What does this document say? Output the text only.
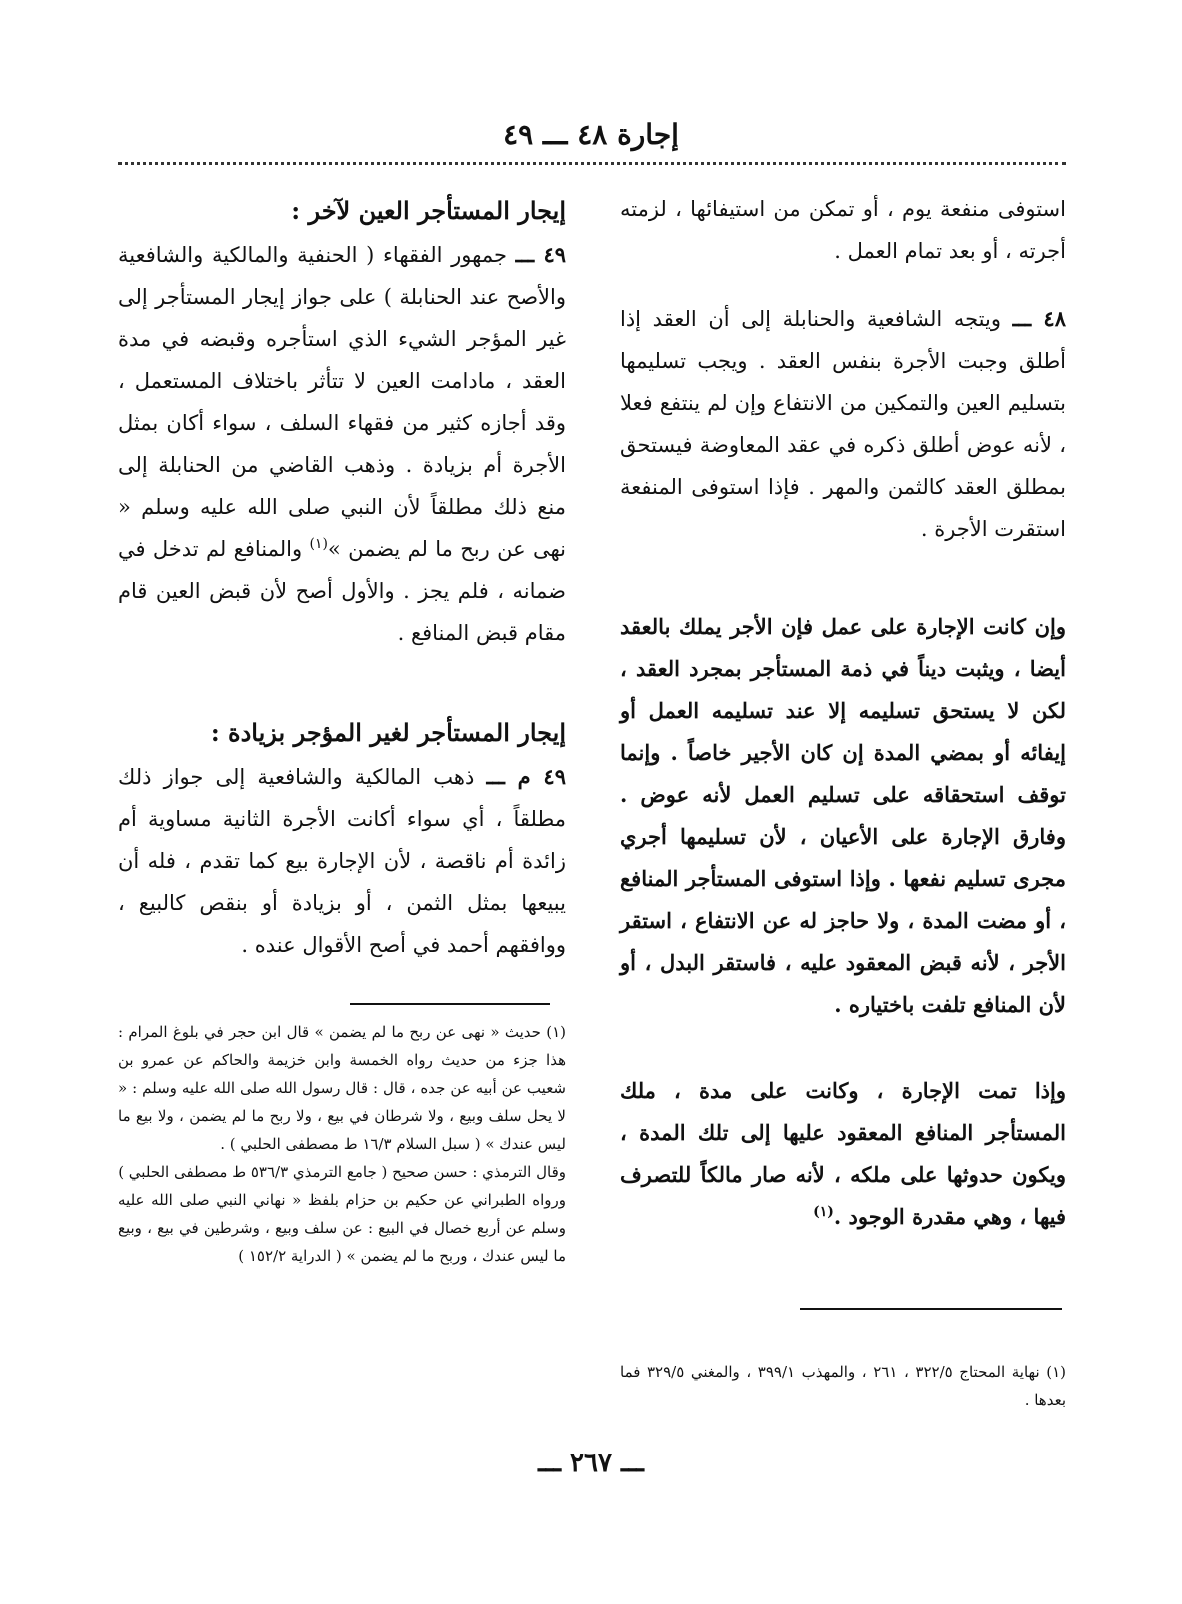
إجارة ٤٨ ـــ ٤٩

استوفى منفعة يوم ، أو تمكن من استيفائها ، لزمته أجرته ، أو بعد تمام العمل .

٤٨ ـــ ويتجه الشافعية والحنابلة إلى أن العقد إذا أطلق وجبت الأجرة بنفس العقد . ويجب تسليمها بتسليم العين والتمكين من الانتفاع وإن لم ينتفع فعلا ، لأنه عوض أطلق ذكره في عقد المعاوضة فيستحق بمطلق العقد كالثمن والمهر . فإذا استوفى المنفعة استقرت الأجرة .

وإن كانت الإجارة على عمل فإن الأجر يملك بالعقد أيضا ، ويثبت ديناً في ذمة المستأجر بمجرد العقد ، لكن لا يستحق تسليمه إلا عند تسليمه العمل أو إيفائه أو بمضي المدة إن كان الأجير خاصاً . وإنما توقف استحقاقه على تسليم العمل لأنه عوض . وفارق الإجارة على الأعيان ، لأن تسليمها أجري مجرى تسليم نفعها . وإذا استوفى المستأجر المنافع ، أو مضت المدة ، ولا حاجز له عن الانتفاع ، استقر الأجر ، لأنه قبض المعقود عليه ، فاستقر البدل ، أو لأن المنافع تلفت باختياره .

وإذا تمت الإجارة ، وكانت على مدة ، ملك المستأجر المنافع المعقود عليها إلى تلك المدة ، ويكون حدوثها على ملكه ، لأنه صار مالكاً للتصرف فيها ، وهي مقدرة الوجود .$^{(١)}$

إيجار المستأجر العين لآخر :

٤٩ ـــ جمهور الفقهاء ( الحنفية والمالكية والشافعية والأصح عند الحنابلة ) على جواز إيجار المستأجر إلى غير المؤجر الشيء الذي استأجره وقبضه في مدة العقد ، مادامت العين لا تتأثر باختلاف المستعمل ، وقد أجازه كثير من فقهاء السلف ، سواء أكان بمثل الأجرة أم بزيادة . وذهب القاضي من الحنابلة إلى منع ذلك مطلقاً لأن النبي صلى الله عليه وسلم « نهى عن ربح ما لم يضمن »$^{(١)}$ والمنافع لم تدخل في ضمانه ، فلم يجز . والأول أصح لأن قبض العين قام مقام قبض المنافع .

إيجار المستأجر لغير المؤجر بزيادة :

٤٩ م ـــ ذهب المالكية والشافعية إلى جواز ذلك مطلقاً ، أي سواء أكانت الأجرة الثانية مساوية أم زائدة أم ناقصة ، لأن الإجارة بيع كما تقدم ، فله أن يبيعها بمثل الثمن ، أو بزيادة أو بنقص كالبيع ، ووافقهم أحمد في أصح الأقوال عنده .

(١) حديث « نهى عن ربح ما لم يضمن » قال ابن حجر في بلوغ المرام : هذا جزء من حديث رواه الخمسة وابن خزيمة والحاكم عن عمرو بن شعيب عن أبيه عن جده ، قال : قال رسول الله صلى الله عليه وسلم : « لا يحل سلف وبيع ، ولا شرطان في بيع ، ولا ربح ما لم يضمن ، ولا بيع ما ليس عندك » ( سبل السلام ١٦/٣ ط مصطفى الحلبي ) .

وقال الترمذي : حسن صحيح ( جامع الترمذي ٥٣٦/٣ ط مصطفى الحلبي )

ورواه الطبراني عن حكيم بن حزام بلفظ « نهاني النبي صلى الله عليه وسلم عن أربع خصال في البيع : عن سلف وبيع ، وشرطين في بيع ، وبيع ما ليس عندك ، وربح ما لم يضمن » ( الدراية ١٥٢/٢ )

(١) نهاية المحتاج ٣٢٢/٥ ، ٢٦١ ، والمهذب ٣٩٩/١ ، والمغني ٣٢٩/٥ فما بعدها .

ـــ ٢٦٧ ـــ
